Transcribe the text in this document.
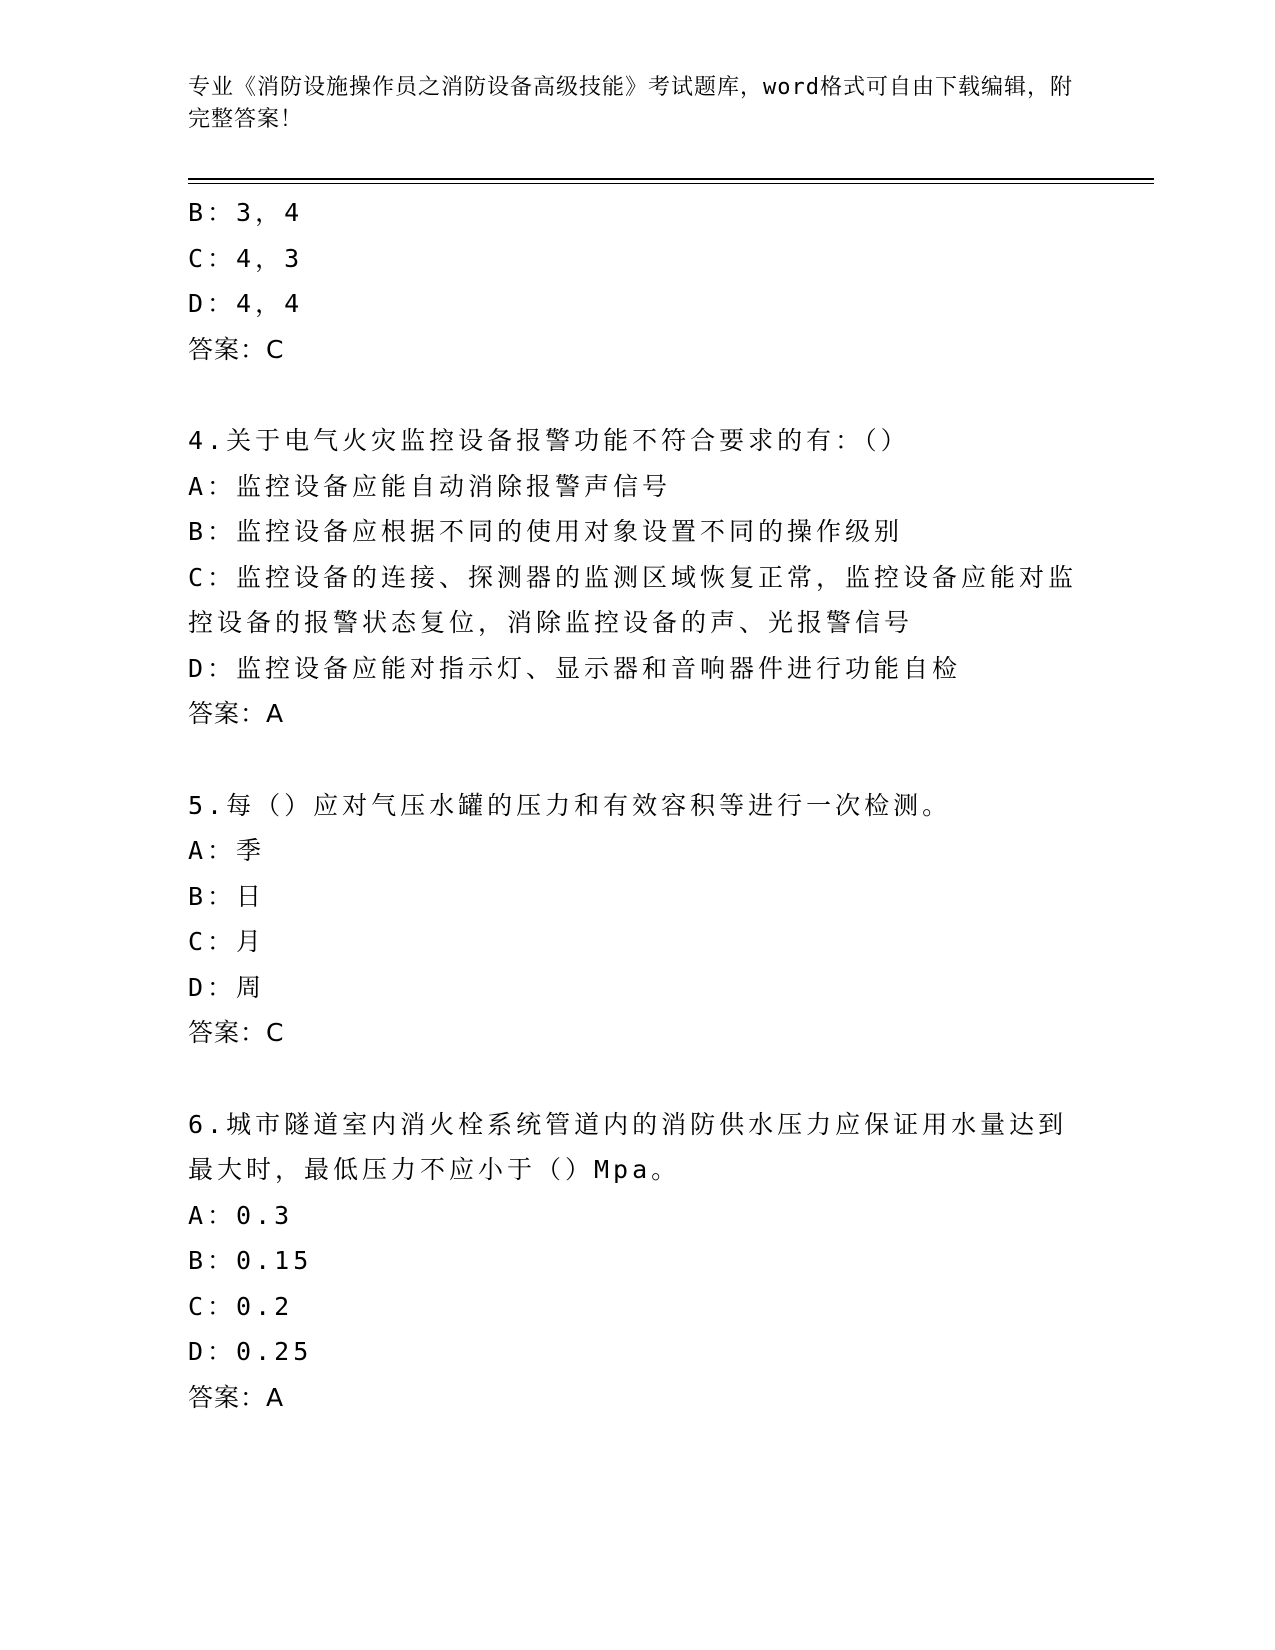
专业《消防设施操作员之消防设备高级技能》考试题库，word格式可自由下载编辑，附完整答案！
B：3，4
C：4，3
D：4，4
答案：C
4.关于电气火灾监控设备报警功能不符合要求的有：（）
A：监控设备应能自动消除报警声信号
B：监控设备应根据不同的使用对象设置不同的操作级别
C：监控设备的连接、探测器的监测区域恢复正常，监控设备应能对监控设备的报警状态复位，消除监控设备的声、光报警信号
D：监控设备应能对指示灯、显示器和音响器件进行功能自检
答案：A
5.每（）应对气压水罐的压力和有效容积等进行一次检测。
A：季
B：日
C：月
D：周
答案：C
6.城市隧道室内消火栓系统管道内的消防供水压力应保证用水量达到最大时，最低压力不应小于（）Mpa。
A：0.3
B：0.15
C：0.2
D：0.25
答案：A
